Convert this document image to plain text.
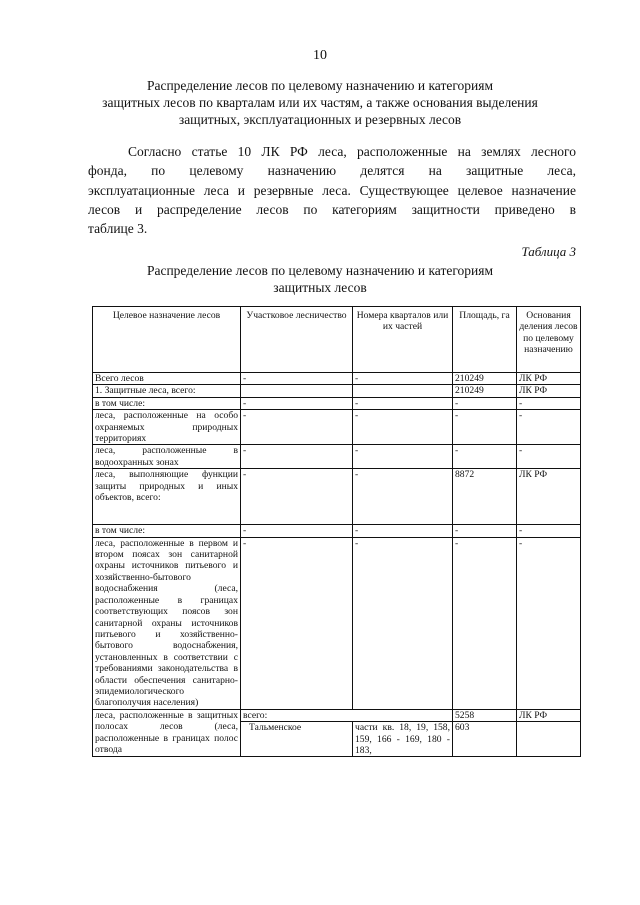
10
Распределение лесов по целевому назначению и категориям
защитных лесов по кварталам или их частям, а также основания выделения
защитных, эксплуатационных и резервных лесов
Согласно статье 10 ЛК РФ леса, расположенные на землях лесного
фонда, по целевому назначению делятся на защитные леса,
эксплуатационные леса и резервные леса. Существующее целевое назначение
лесов и распределение лесов по категориям защитности приведено в
таблице 3.
Таблица 3
Распределение лесов по целевому назначению и категориям
защитных лесов
Целевое назначение лесов	Участковое лесничество	Номера кварталов или их частей	Площадь, га	Основания деления лесов по целевому назначению
Всего лесов	-	-	210249	ЛК РФ
1. Защитные леса, всего:			210249	ЛК РФ
в том числе:	-	-	-	-
леса, расположенные на особо охраняемых природных территориях	-	-	-	-
леса, расположенные в водоохранных зонах	-	-	-	-
леса, выполняющие функции защиты природных и иных объектов, всего:	-	-	8872	ЛК РФ
в том числе:	-	-	-	-
леса, расположенные в первом и втором поясах зон санитарной охраны источников питьевого и хозяйственно-бытового водоснабжения (леса, расположенные в границах соответствующих поясов зон санитарной охраны источников питьевого и хозяйственно-бытового водоснабжения, установленных в соответствии с требованиями законодательства в области обеспечения санитарно-эпидемиологического благополучия населения)	-	-	-	-
леса, расположенные в защитных полосах лесов (леса, расположенные в границах полос отвода	всего:		5258	ЛК РФ
	Тальменское	части кв. 18, 19, 158, 159, 166 - 169, 180 - 183,	603	
